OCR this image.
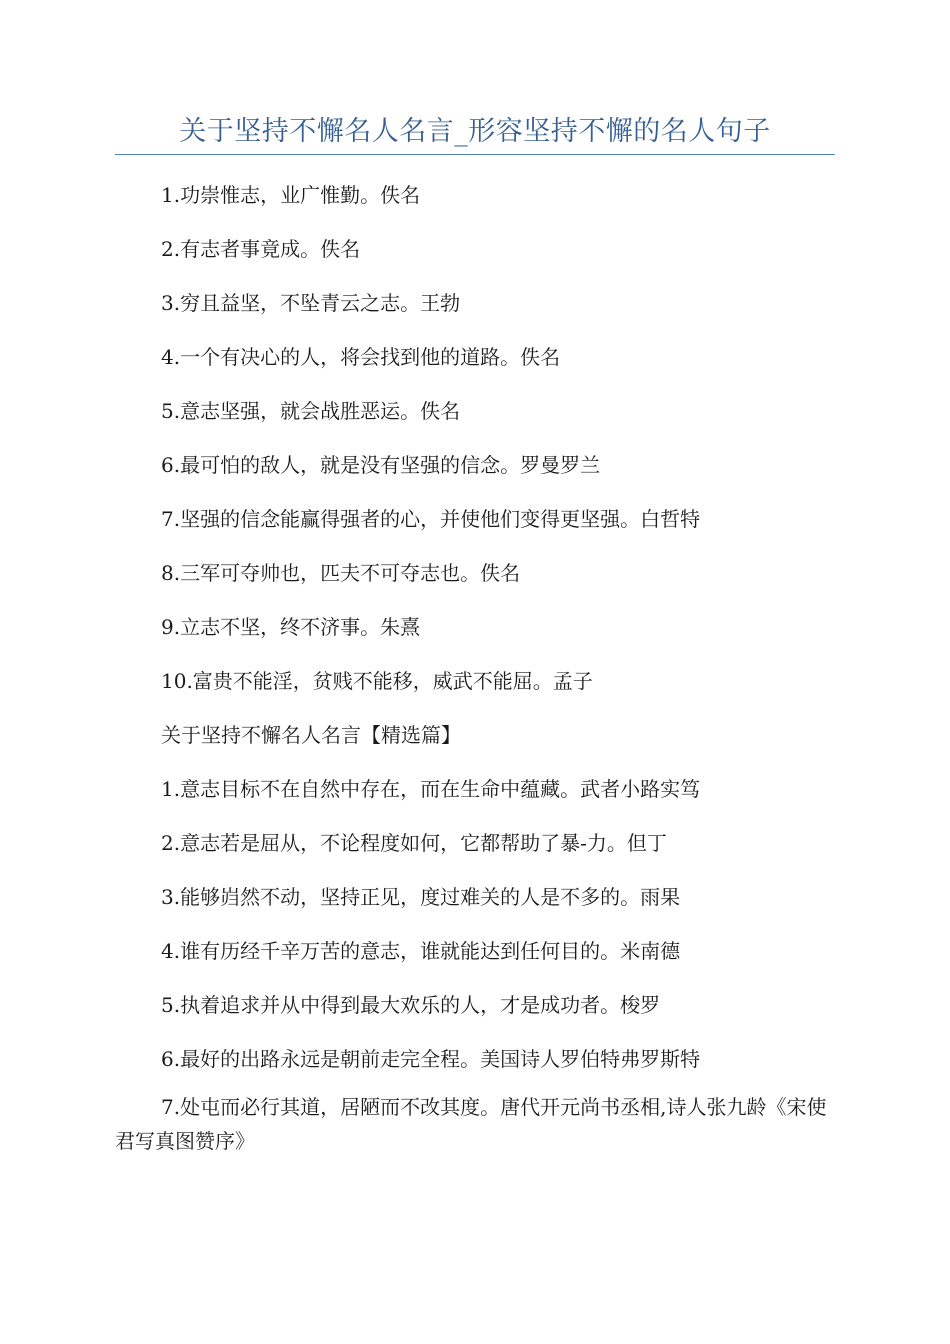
关于坚持不懈名人名言_形容坚持不懈的名人句子
1.功崇惟志，业广惟勤。佚名
2.有志者事竟成。佚名
3.穷且益坚，不坠青云之志。王勃
4.一个有决心的人，将会找到他的道路。佚名
5.意志坚强，就会战胜恶运。佚名
6.最可怕的敌人，就是没有坚强的信念。罗曼罗兰
7.坚强的信念能赢得强者的心，并使他们变得更坚强。白哲特
8.三军可夺帅也，匹夫不可夺志也。佚名
9.立志不坚，终不济事。朱熹
10.富贵不能淫，贫贱不能移，威武不能屈。孟子
关于坚持不懈名人名言【精选篇】
1.意志目标不在自然中存在，而在生命中蕴藏。武者小路实笃
2.意志若是屈从，不论程度如何，它都帮助了暴-力。但丁
3.能够岿然不动，坚持正见，度过难关的人是不多的。雨果
4.谁有历经千辛万苦的意志，谁就能达到任何目的。米南德
5.执着追求并从中得到最大欢乐的人，才是成功者。梭罗
6.最好的出路永远是朝前走完全程。美国诗人罗伯特弗罗斯特
7.处屯而必行其道，居陋而不改其度。唐代开元尚书丞相,诗人张九龄《宋使君写真图赞序》
